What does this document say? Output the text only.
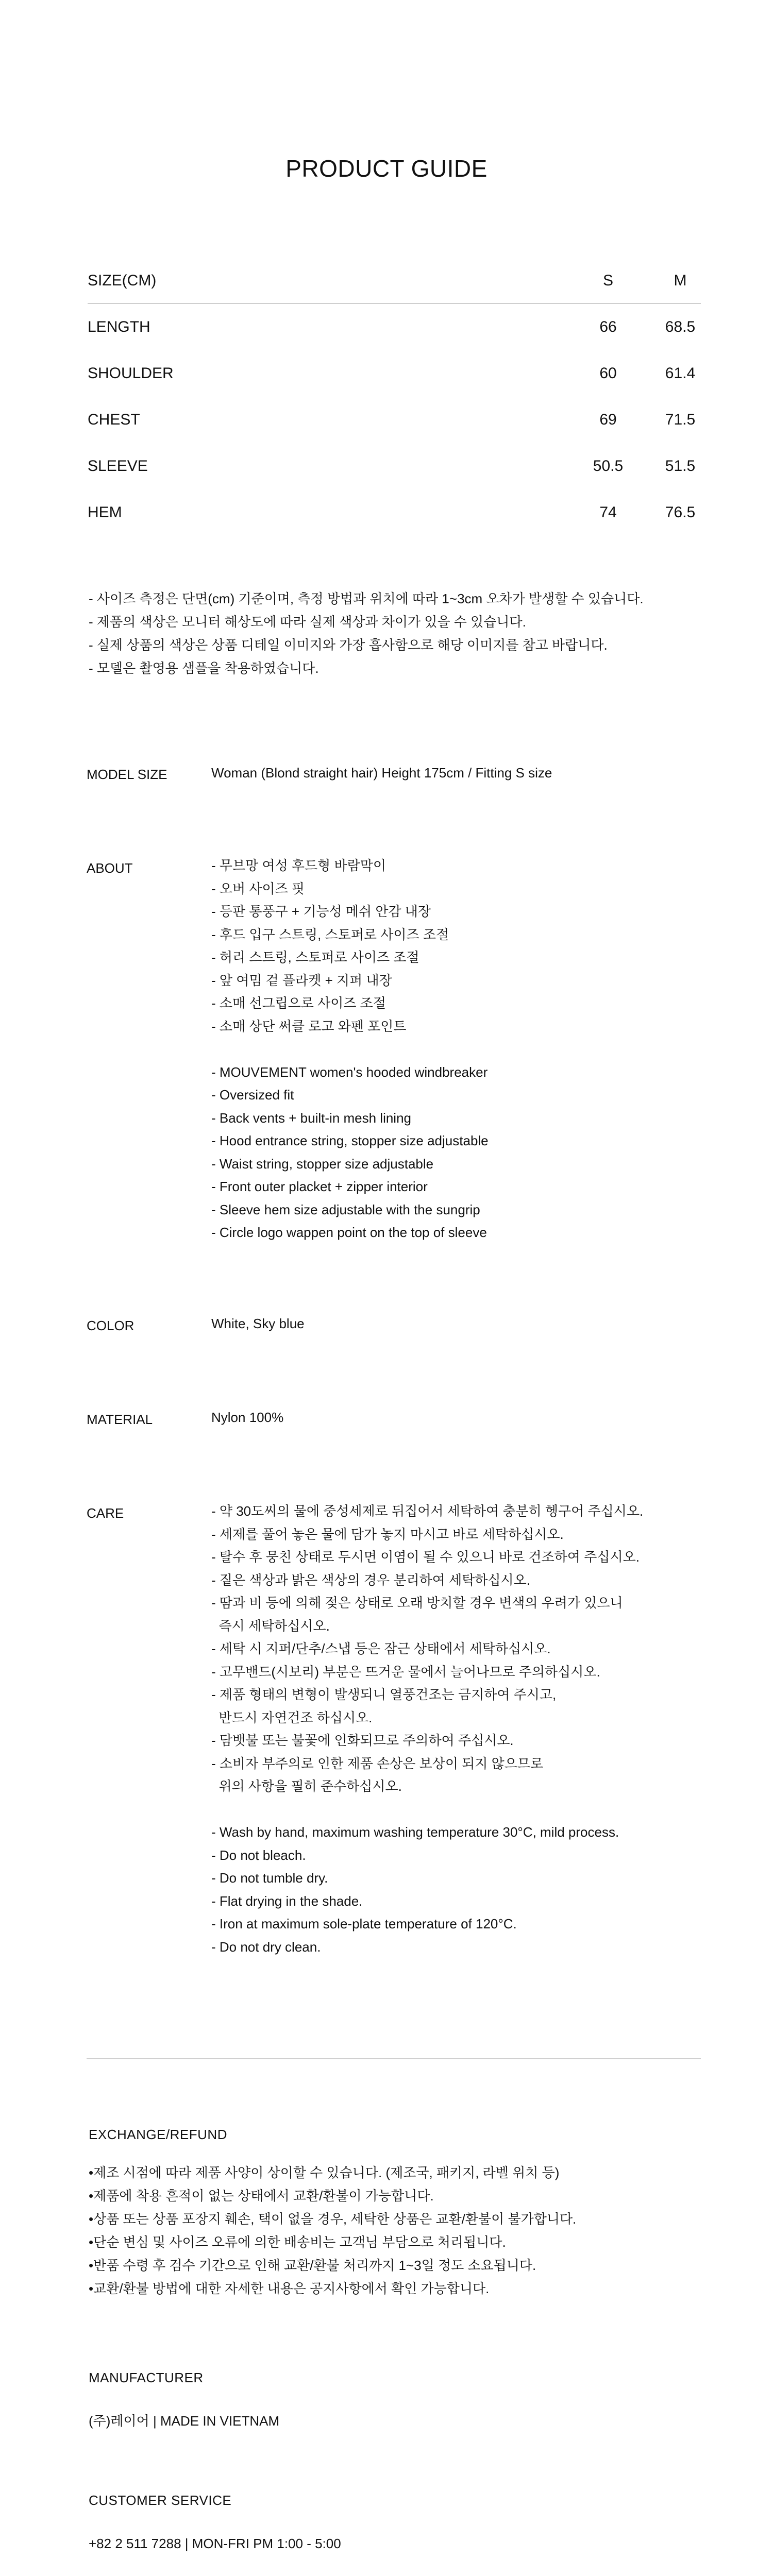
PRODUCT GUIDE
SIZE(CM)	S	M
LENGTH	66	68.5
SHOULDER	60	61.4
CHEST	69	71.5
SLEEVE	50.5	51.5
HEM	74	76.5
- 사이즈 측정은 단면(cm) 기준이며, 측정 방법과 위치에 따라 1~3cm 오차가 발생할 수 있습니다.
- 제품의 색상은 모니터 해상도에 따라 실제 색상과 차이가 있을 수 있습니다.
- 실제 상품의 색상은 상품 디테일 이미지와 가장 흡사함으로 해당 이미지를 참고 바랍니다.
- 모델은 촬영용 샘플을 착용하였습니다.
MODEL SIZE	Woman (Blond straight hair) Height 175cm / Fitting S size
ABOUT	- 무브망 여성 후드형 바람막이
- 오버 사이즈 핏
- 등판 통풍구 + 기능성 메쉬 안감 내장
- 후드 입구 스트링, 스토퍼로 사이즈 조절
- 허리 스트링, 스토퍼로 사이즈 조절
- 앞 여밈 겉 플라켓 + 지퍼 내장
- 소매 선그립으로 사이즈 조절
- 소매 상단 써클 로고 와펜 포인트
- MOUVEMENT women's hooded windbreaker
- Oversized fit
- Back vents + built-in mesh lining
- Hood entrance string, stopper size adjustable
- Waist string, stopper size adjustable
- Front outer placket + zipper interior
- Sleeve hem size adjustable with the sungrip
- Circle logo wappen point on the top of sleeve
COLOR	White, Sky blue
MATERIAL	Nylon 100%
CARE	- 약 30도씨의 물에 중성세제로 뒤집어서 세탁하여 충분히 헹구어 주십시오.
- 세제를 풀어 놓은 물에 담가 놓지 마시고 바로 세탁하십시오.
- 탈수 후 뭉친 상태로 두시면 이염이 될 수 있으니 바로 건조하여 주십시오.
- 짙은 색상과 밝은 색상의 경우 분리하여 세탁하십시오.
- 땀과 비 등에 의해 젖은 상태로 오래 방치할 경우 변색의 우려가 있으니
즉시 세탁하십시오.
- 세탁 시 지퍼/단추/스냅 등은 잠근 상태에서 세탁하십시오.
- 고무밴드(시보리) 부분은 뜨거운 물에서 늘어나므로 주의하십시오.
- 제품 형태의 변형이 발생되니 열풍건조는 금지하여 주시고,
반드시 자연건조 하십시오.
- 담뱃불 또는 불꽃에 인화되므로 주의하여 주십시오.
- 소비자 부주의로 인한 제품 손상은 보상이 되지 않으므로
위의 사항을 필히 준수하십시오.
- Wash by hand, maximum washing temperature 30°C, mild process.
- Do not bleach.
- Do not tumble dry.
- Flat drying in the shade.
- Iron at maximum sole-plate temperature of 120°C.
- Do not dry clean.
EXCHANGE/REFUND
•제조 시점에 따라 제품 사양이 상이할 수 있습니다. (제조국, 패키지, 라벨 위치 등)
•제품에 착용 흔적이 없는 상태에서 교환/환불이 가능합니다.
•상품 또는 상품 포장지 훼손, 택이 없을 경우, 세탁한 상품은 교환/환불이 불가합니다.
•단순 변심 및 사이즈 오류에 의한 배송비는 고객님 부담으로 처리됩니다.
•반품 수령 후 검수 기간으로 인해 교환/환불 처리까지 1~3일 정도 소요됩니다.
•교환/환불 방법에 대한 자세한 내용은 공지사항에서 확인 가능합니다.
MANUFACTURER
(주)레이어 | MADE IN VIETNAM
CUSTOMER SERVICE
+82 2 511 7288 | MON-FRI PM 1:00 - 5:00
